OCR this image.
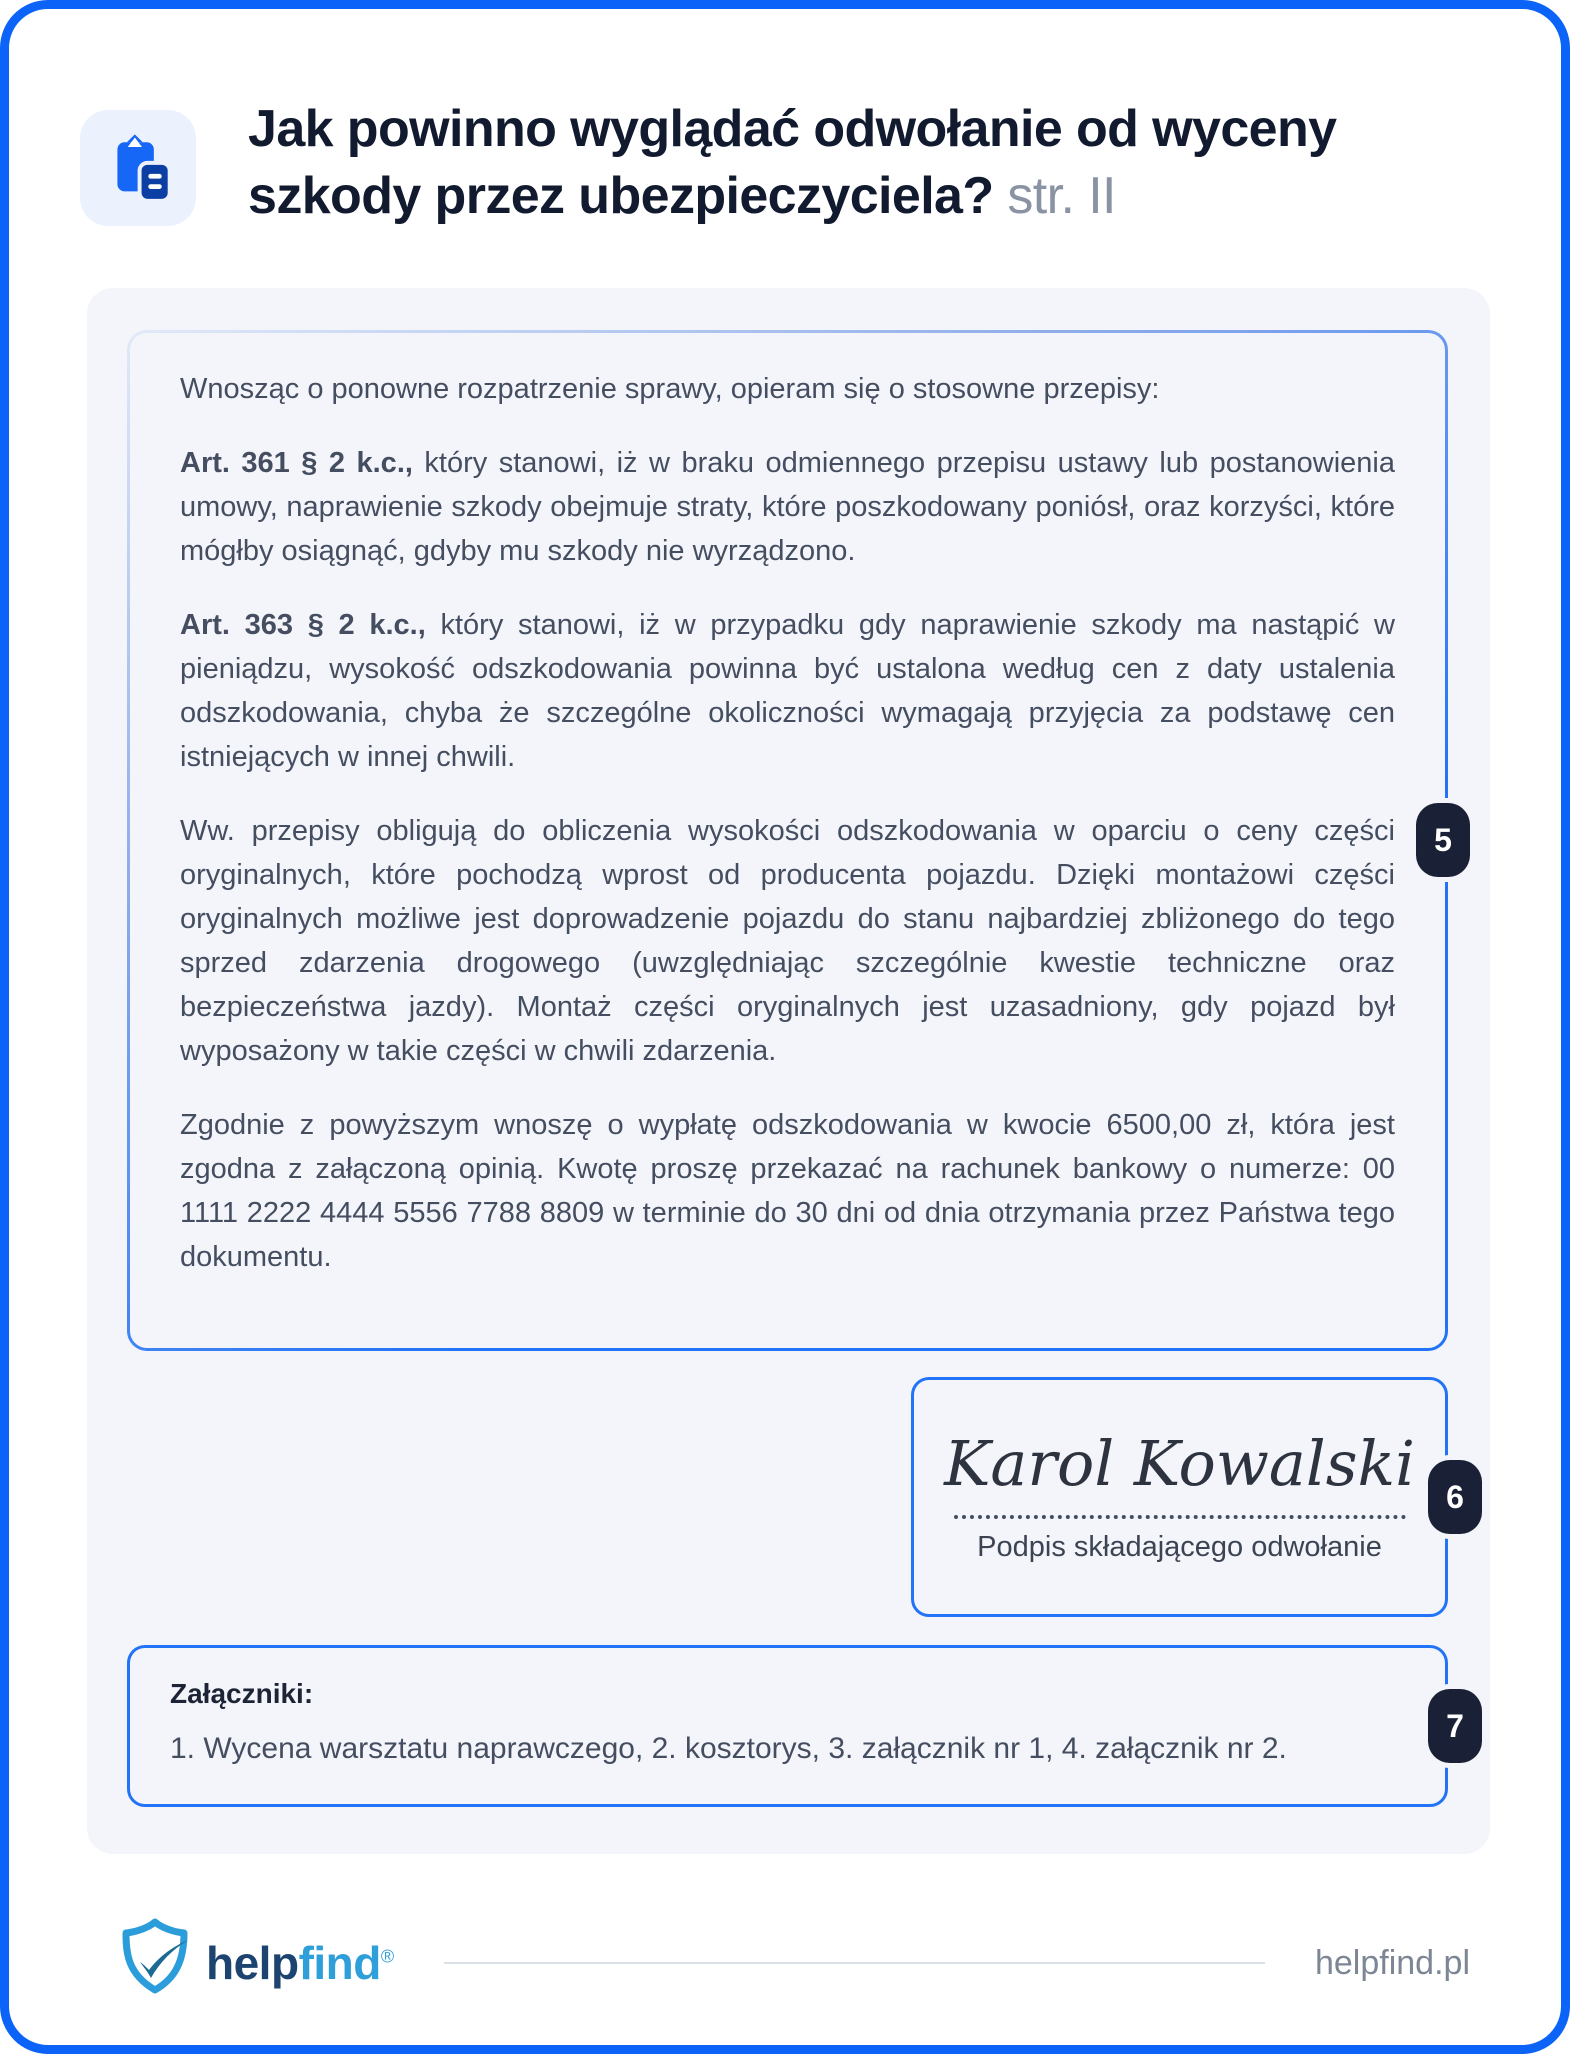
Jak powinno wyglądać odwołanie od wyceny szkody przez ubezpieczyciela? str. II

Wnosząc o ponowne rozpatrzenie sprawy, opieram się o stosowne przepisy:

Art. 361 § 2 k.c., który stanowi, iż w braku odmiennego przepisu ustawy lub postanowienia umowy, naprawienie szkody obejmuje straty, które poszkodowany poniósł, oraz korzyści, które mógłby osiągnąć, gdyby mu szkody nie wyrządzono.

Art. 363 § 2 k.c., który stanowi, iż w przypadku gdy naprawienie szkody ma nastąpić w pieniądzu, wysokość odszkodowania powinna być ustalona według cen z daty ustalenia odszkodowania, chyba że szczególne okoliczności wymagają przyjęcia za podstawę cen istniejących w innej chwili.

Ww. przepisy obligują do obliczenia wysokości odszkodowania w oparciu o ceny części oryginalnych, które pochodzą wprost od producenta pojazdu. Dzięki montażowi części oryginalnych możliwe jest doprowadzenie pojazdu do stanu najbardziej zbliżonego do tego sprzed zdarzenia drogowego (uwzględniając szczególnie kwestie techniczne oraz bezpieczeństwa jazdy). Montaż części oryginalnych jest uzasadniony, gdy pojazd był wyposażony w takie części w chwili zdarzenia.

Zgodnie z powyższym wnoszę o wypłatę odszkodowania w kwocie 6500,00 zł, która jest zgodna z załączoną opinią. Kwotę proszę przekazać na rachunek bankowy o numerze: 00 1111 2222 4444 5556 7788 8809 w terminie do 30 dni od dnia otrzymania przez Państwa tego dokumentu.

Karol Kowalski
Podpis składającego odwołanie

Załączniki:

1. Wycena warsztatu naprawczego, 2. kosztorys, 3. załącznik nr 1, 4. załącznik nr 2.

5
6
7
helpfind®	helpfind.pl
